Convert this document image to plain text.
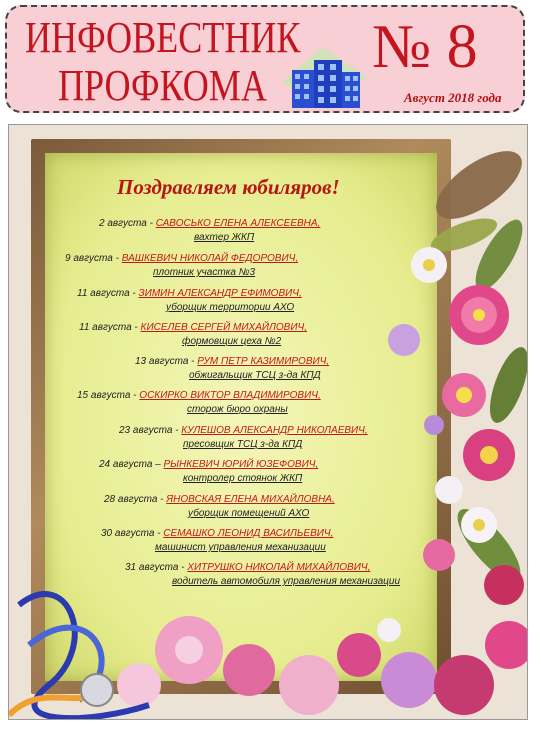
ИНФОВЕСТНИК
ПРОФКОМА
№ 8
Август 2018 года
Поздравляем юбиляров!
2 августа - САВОСЬКО ЕЛЕНА АЛЕКСЕЕВНА,
вахтер ЖКП
9 августа - ВАШКЕВИЧ НИКОЛАЙ ФЕДОРОВИЧ,
плотник участка №3
11 августа - ЗИМИН АЛЕКСАНДР ЕФИМОВИЧ,
уборщик территории АХО
11 августа - КИСЕЛЕВ СЕРГЕЙ МИХАЙЛОВИЧ,
формовщик цеха №2
13 августа - РУМ ПЕТР КАЗИМИРОВИЧ,
обжигальщик ТСЦ з-да КПД
15 августа - ОСКИРКО ВИКТОР ВЛАДИМИРОВИЧ,
сторож бюро охраны
23 августа - КУЛЕШОВ АЛЕКСАНДР НИКОЛАЕВИЧ,
пресовщик ТСЦ з-да КПД
24 августа – РЫНКЕВИЧ ЮРИЙ ЮЗЕФОВИЧ,
контролер стоянок ЖКП
28 августа - ЯНОВСКАЯ ЕЛЕНА МИХАЙЛОВНА,
уборщик помещений АХО
30 августа - СЕМАШКО ЛЕОНИД ВАСИЛЬЕВИЧ,
машинист управления механизации
31 августа - ХИТРУШКО НИКОЛАЙ МИХАЙЛОВИЧ,
водитель автомобиля управления механизации
